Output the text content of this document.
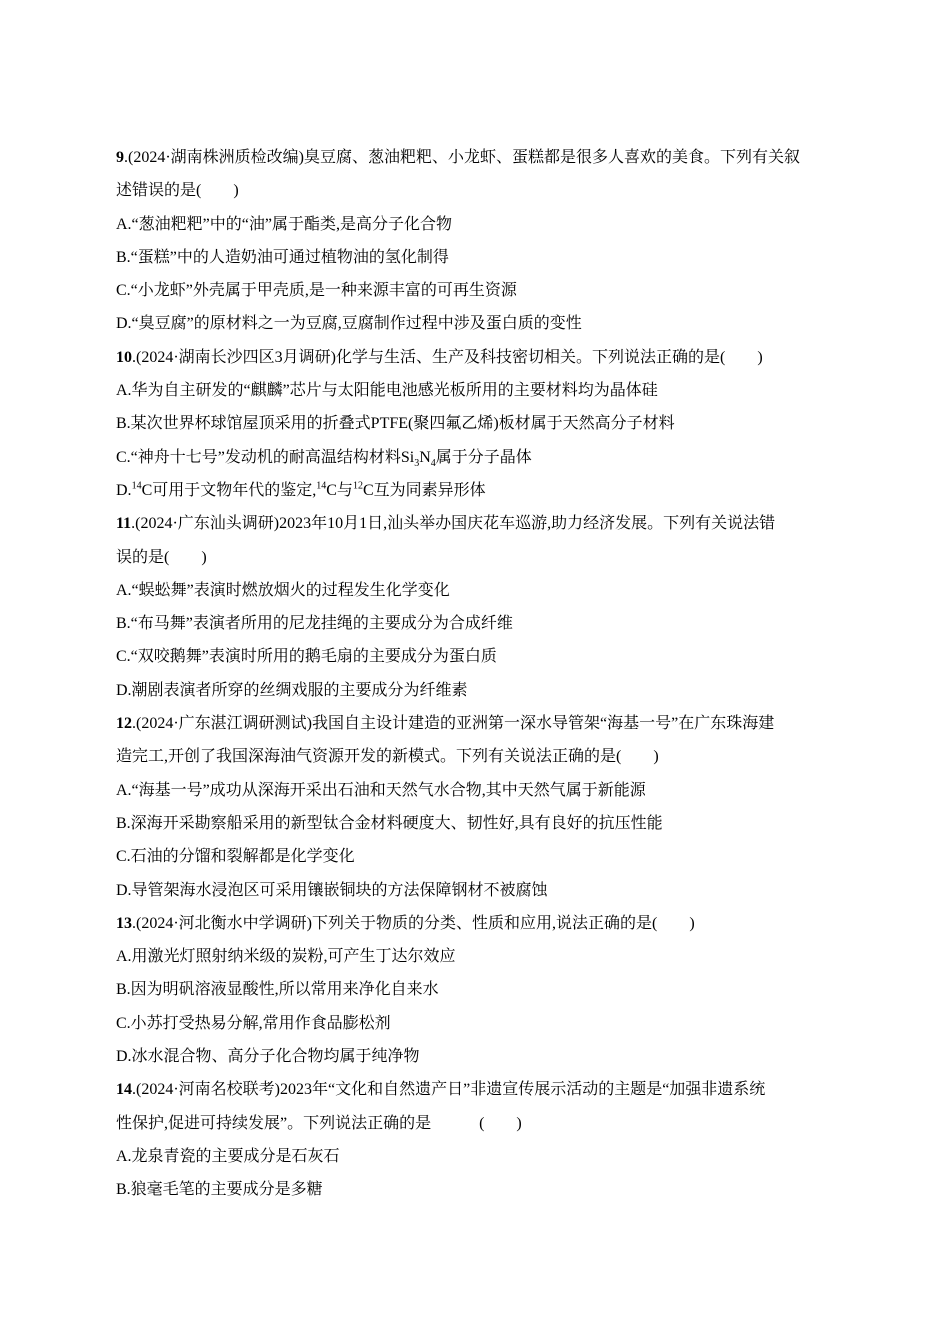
9.(2024·湖南株洲质检改编)臭豆腐、葱油粑粑、小龙虾、蛋糕都是很多人喜欢的美食。下列有关叙
述错误的是(　　)
A.“葱油粑粑”中的“油”属于酯类,是高分子化合物
B.“蛋糕”中的人造奶油可通过植物油的氢化制得
C.“小龙虾”外壳属于甲壳质,是一种来源丰富的可再生资源
D.“臭豆腐”的原材料之一为豆腐,豆腐制作过程中涉及蛋白质的变性
10.(2024·湖南长沙四区3月调研)化学与生活、生产及科技密切相关。下列说法正确的是(　　)
A.华为自主研发的“麒麟”芯片与太阳能电池感光板所用的主要材料均为晶体硅
B.某次世界杯球馆屋顶采用的折叠式PTFE(聚四氟乙烯)板材属于天然高分子材料
C.“神舟十七号”发动机的耐高温结构材料$Si_3N_4$属于分子晶体
D.$^{14}$C可用于文物年代的鉴定,$^{14}$C与$^{12}$C互为同素异形体
11.(2024·广东汕头调研)2023年10月1日,汕头举办国庆花车巡游,助力经济发展。下列有关说法错
误的是(　　)
A.“蜈蚣舞”表演时燃放烟火的过程发生化学变化
B.“布马舞”表演者所用的尼龙挂绳的主要成分为合成纤维
C.“双咬鹅舞”表演时所用的鹅毛扇的主要成分为蛋白质
D.潮剧表演者所穿的丝绸戏服的主要成分为纤维素
12.(2024·广东湛江调研测试)我国自主设计建造的亚洲第一深水导管架“海基一号”在广东珠海建
造完工,开创了我国深海油气资源开发的新模式。下列有关说法正确的是(　　)
A.“海基一号”成功从深海开采出石油和天然气水合物,其中天然气属于新能源
B.深海开采勘察船采用的新型钛合金材料硬度大、韧性好,具有良好的抗压性能
C.石油的分馏和裂解都是化学变化
D.导管架海水浸泡区可采用镶嵌铜块的方法保障钢材不被腐蚀
13.(2024·河北衡水中学调研)下列关于物质的分类、性质和应用,说法正确的是(　　)
A.用激光灯照射纳米级的炭粉,可产生丁达尔效应
B.因为明矾溶液显酸性,所以常用来净化自来水
C.小苏打受热易分解,常用作食品膨松剂
D.冰水混合物、高分子化合物均属于纯净物
14.(2024·河南名校联考)2023年“文化和自然遗产日”非遗宣传展示活动的主题是“加强非遗系统
性保护,促进可持续发展”。下列说法正确的是　　　(　　)
A.龙泉青瓷的主要成分是石灰石
B.狼毫毛笔的主要成分是多糖
